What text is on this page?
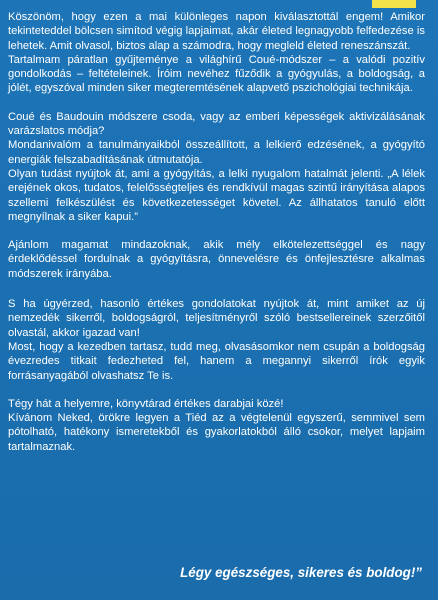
Köszönöm, hogy ezen a mai különleges napon kiválasztottál engem! Amikor tekinteteddel bölcsen simítod végig lapjaimat, akár életed legnagyobb felfedezése is lehetek. Amit olvasol, biztos alap a számodra, hogy megleld életed reneszánszát.

Tartalmam páratlan gyűjteménye a világhírű Coué-módszer – a valódi pozitív gondolkodás – feltételeinek. Íróim nevéhez fűződik a gyógyulás, a boldogság, a jólét, egyszóval minden siker megteremtésének alapvető pszichológiai technikája.

Coué és Baudouin módszere csoda, vagy az emberi képességek aktivizálásának varázslatos módja?

Mondanivalóm a tanulmányaikból összeállított, a lelkierő edzésének, a gyógyító energiák felszabadításának útmutatója.

Olyan tudást nyújtok át, ami a gyógyítás, a lelki nyugalom hatalmát jelenti. „A lélek erejének okos, tudatos, felelősségteljes és rendkívül magas szintű irányítása alapos szellemi felkészülést és következetességet követel. Az állhatatos tanuló előtt megnyílnak a siker kapui.”

Ajánlom magamat mindazoknak, akik mély elkötelezettséggel és nagy érdeklődéssel fordulnak a gyógyításra, önnevelésre és önfejlesztésre alkalmas módszerek irányába.

S ha úgyérzed, hasonló értékes gondolatokat nyújtok át, mint amiket az új nemzedék sikerről, boldogságról, teljesítményről szóló bestsellereinek szerzőitől olvastál, akkor igazad van!

Most, hogy a kezedben tartasz, tudd meg, olvasásomkor nem csupán a boldogság évezredes titkait fedezheted fel, hanem a megannyi sikerről írók egyik forrásanyagából olvashatsz Te is.

Tégy hát a helyemre, könyvtárad értékes darabjai közé!

Kívánom Neked, örökre legyen a Tiéd az a végtelenül egyszerű, semmivel sem pótolható, hatékony ismeretekből és gyakorlatokból álló csokor, melyet lapjaim tartalmaznak.

Légy egészséges, sikeres és boldog!”
